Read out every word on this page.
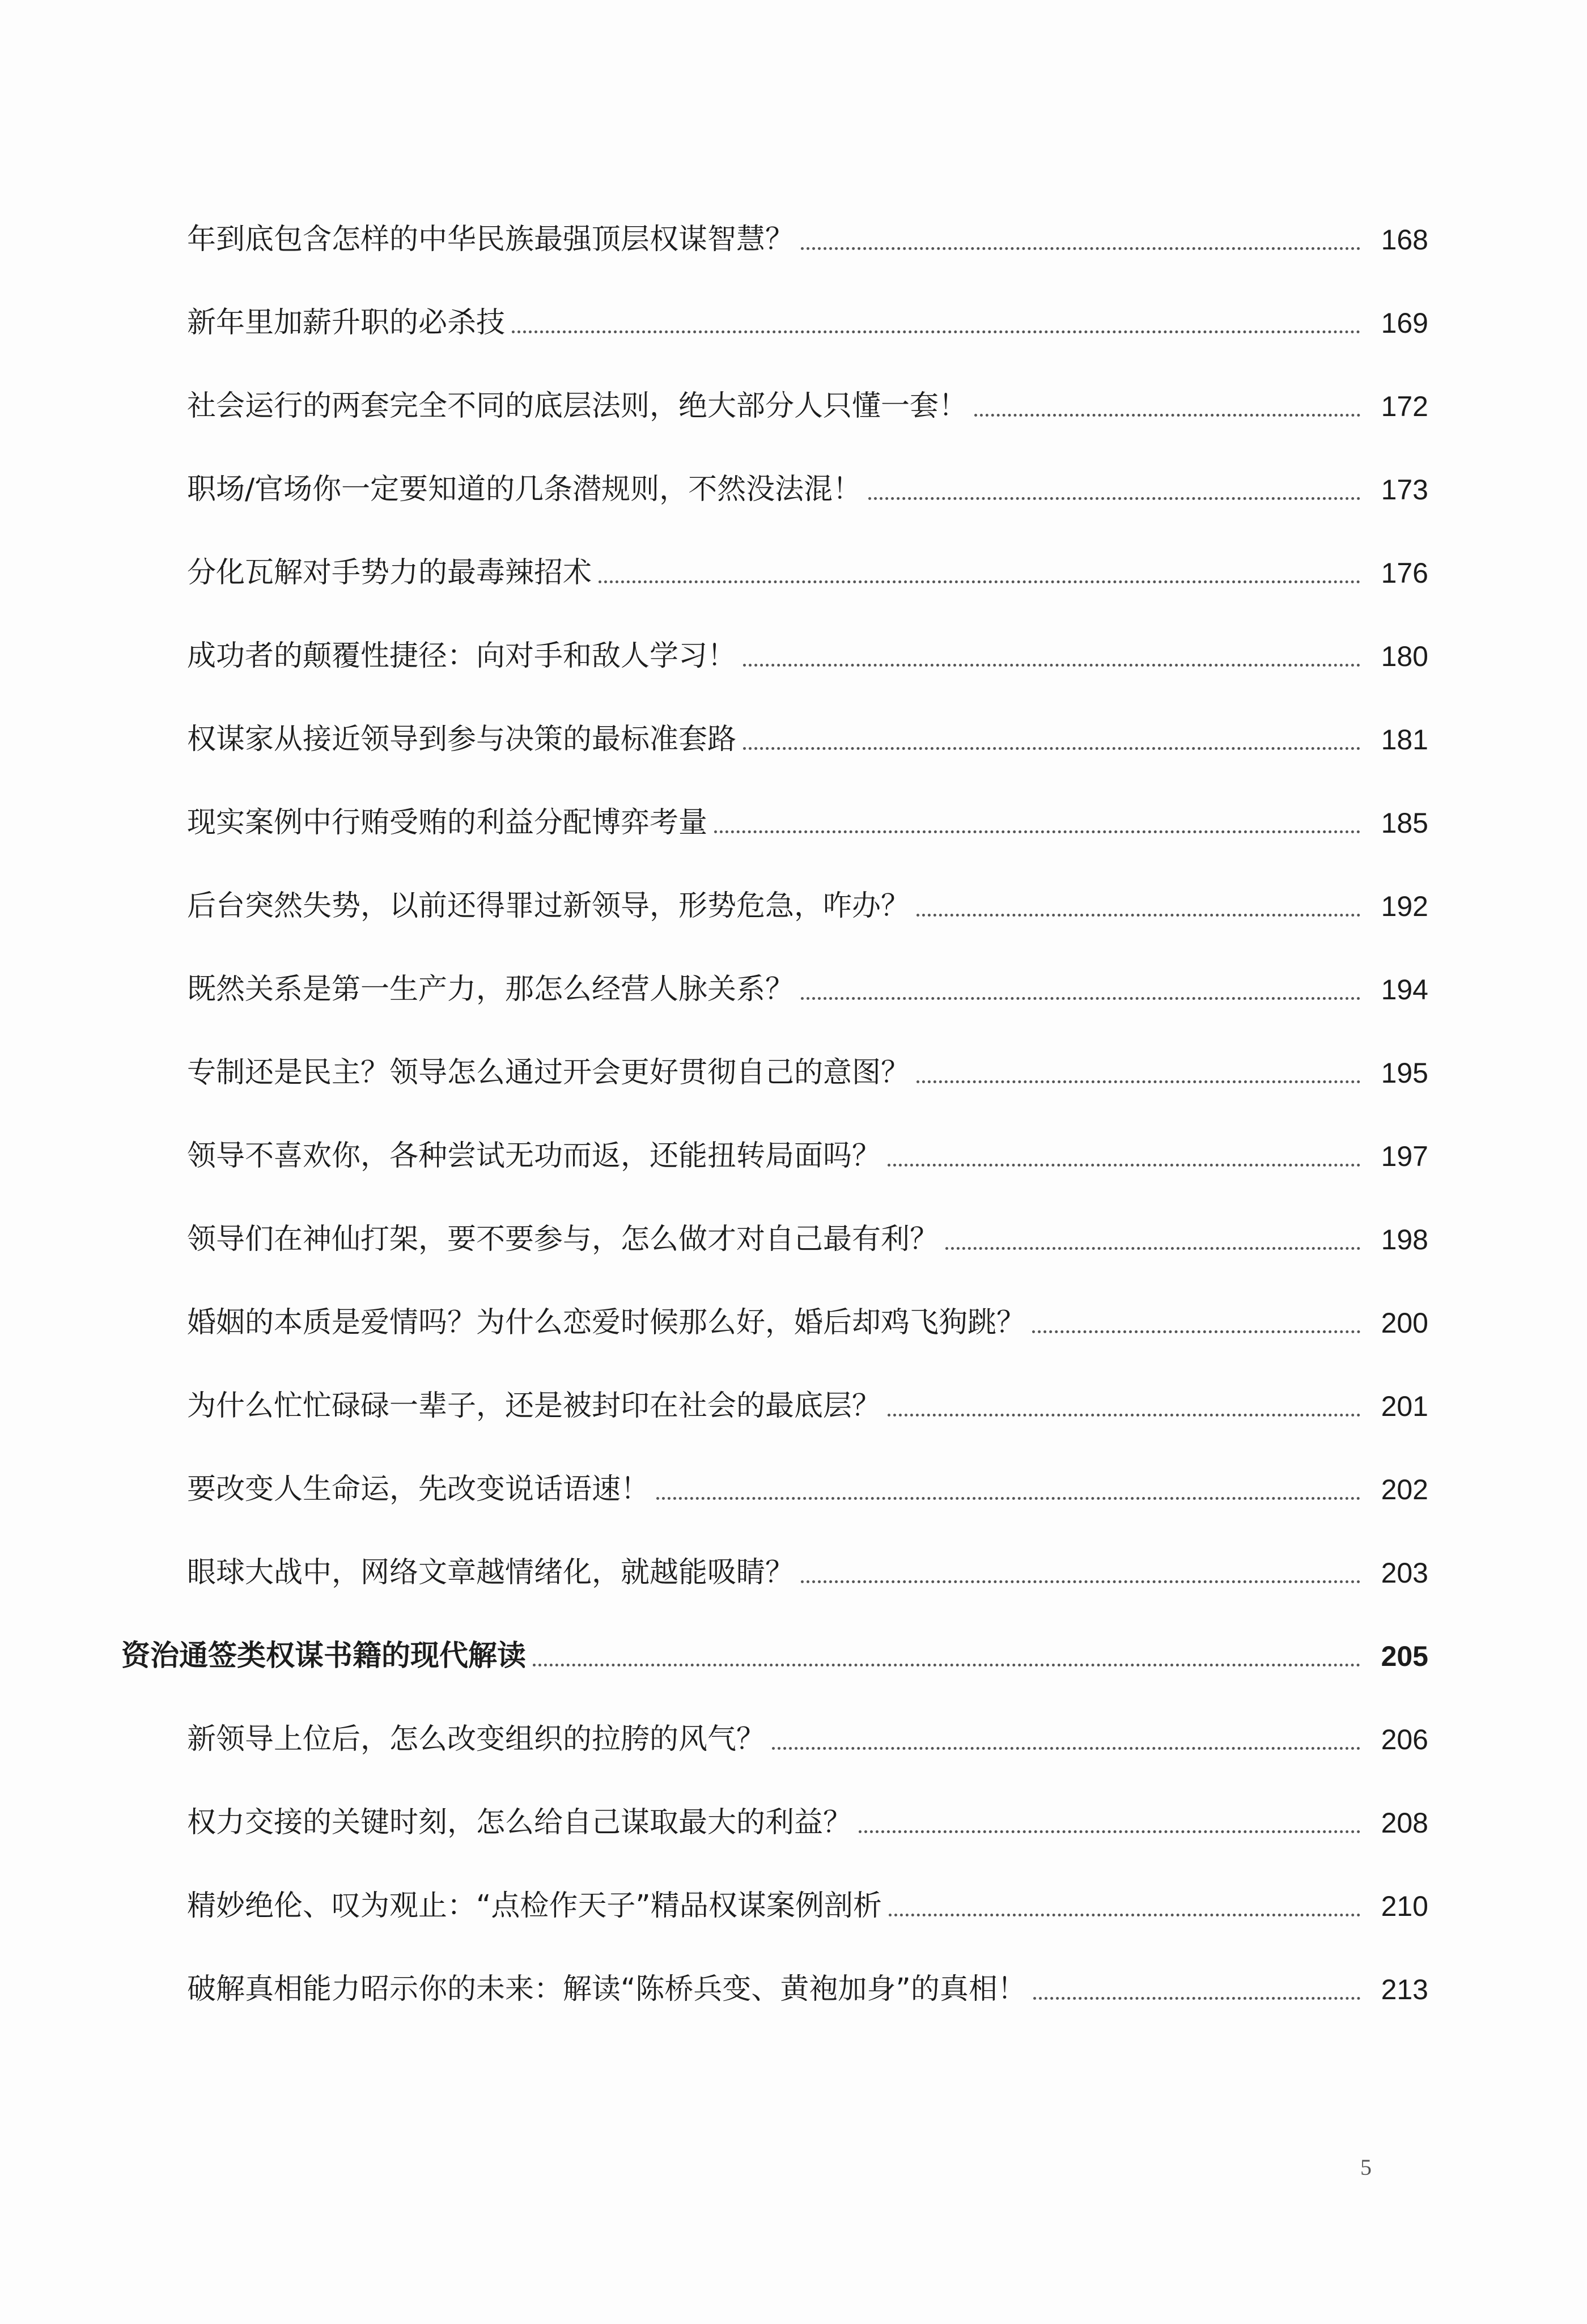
年到底包含怎样的中华民族最强顶层权谋智慧？	168
新年里加薪升职的必杀技	169
社会运行的两套完全不同的底层法则，绝大部分人只懂一套！	172
职场/官场你一定要知道的几条潜规则，不然没法混！	173
分化瓦解对手势力的最毒辣招术	176
成功者的颠覆性捷径：向对手和敌人学习！	180
权谋家从接近领导到参与决策的最标准套路	181
现实案例中行贿受贿的利益分配博弈考量	185
后台突然失势，以前还得罪过新领导，形势危急，咋办？	192
既然关系是第一生产力，那怎么经营人脉关系？	194
专制还是民主？领导怎么通过开会更好贯彻自己的意图？	195
领导不喜欢你，各种尝试无功而返，还能扭转局面吗？	197
领导们在神仙打架，要不要参与，怎么做才对自己最有利？	198
婚姻的本质是爱情吗？为什么恋爱时候那么好，婚后却鸡飞狗跳？	200
为什么忙忙碌碌一辈子，还是被封印在社会的最底层？	201
要改变人生命运，先改变说话语速！	202
眼球大战中，网络文章越情绪化，就越能吸睛？	203
资治通签类权谋书籍的现代解读	205
新领导上位后，怎么改变组织的拉胯的风气？	206
权力交接的关键时刻，怎么给自己谋取最大的利益？	208
精妙绝伦、叹为观止：“点检作天子”精品权谋案例剖析	210
破解真相能力昭示你的未来：解读“陈桥兵变、黄袍加身”的真相！	213
5
